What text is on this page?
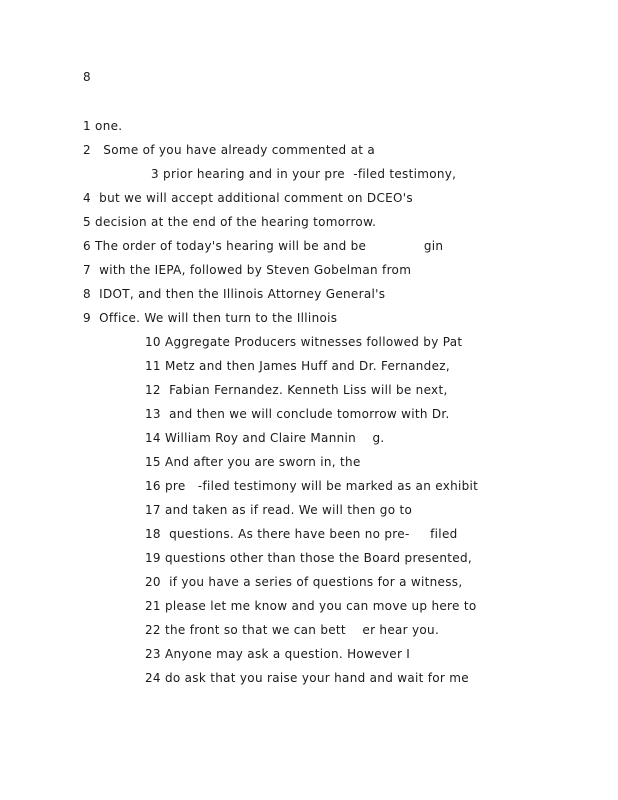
8
1 one.
2   Some of you have already commented at a
3 prior hearing and in your pre  -filed testimony,
4  but we will accept additional comment on DCEO's
5 decision at the end of the hearing tomorrow.
6 The order of today's hearing will be and be              gin
7  with the IEPA, followed by Steven Gobelman from
8  IDOT, and then the Illinois Attorney General's
9  Office. We will then turn to the Illinois
10 Aggregate Producers witnesses followed by Pat
11 Metz and then James Huff and Dr. Fernandez,
12  Fabian Fernandez. Kenneth Liss will be next,
13  and then we will conclude tomorrow with Dr.
14 William Roy and Claire Mannin    g.
15 And after you are sworn in, the
16 pre   -filed testimony will be marked as an exhibit
17 and taken as if read. We will then go to
18  questions. As there have been no pre-     filed
19 questions other than those the Board presented,
20  if you have a series of questions for a witness,
21 please let me know and you can move up here to
22 the front so that we can bett    er hear you.
23 Anyone may ask a question. However I
24 do ask that you raise your hand and wait for me
